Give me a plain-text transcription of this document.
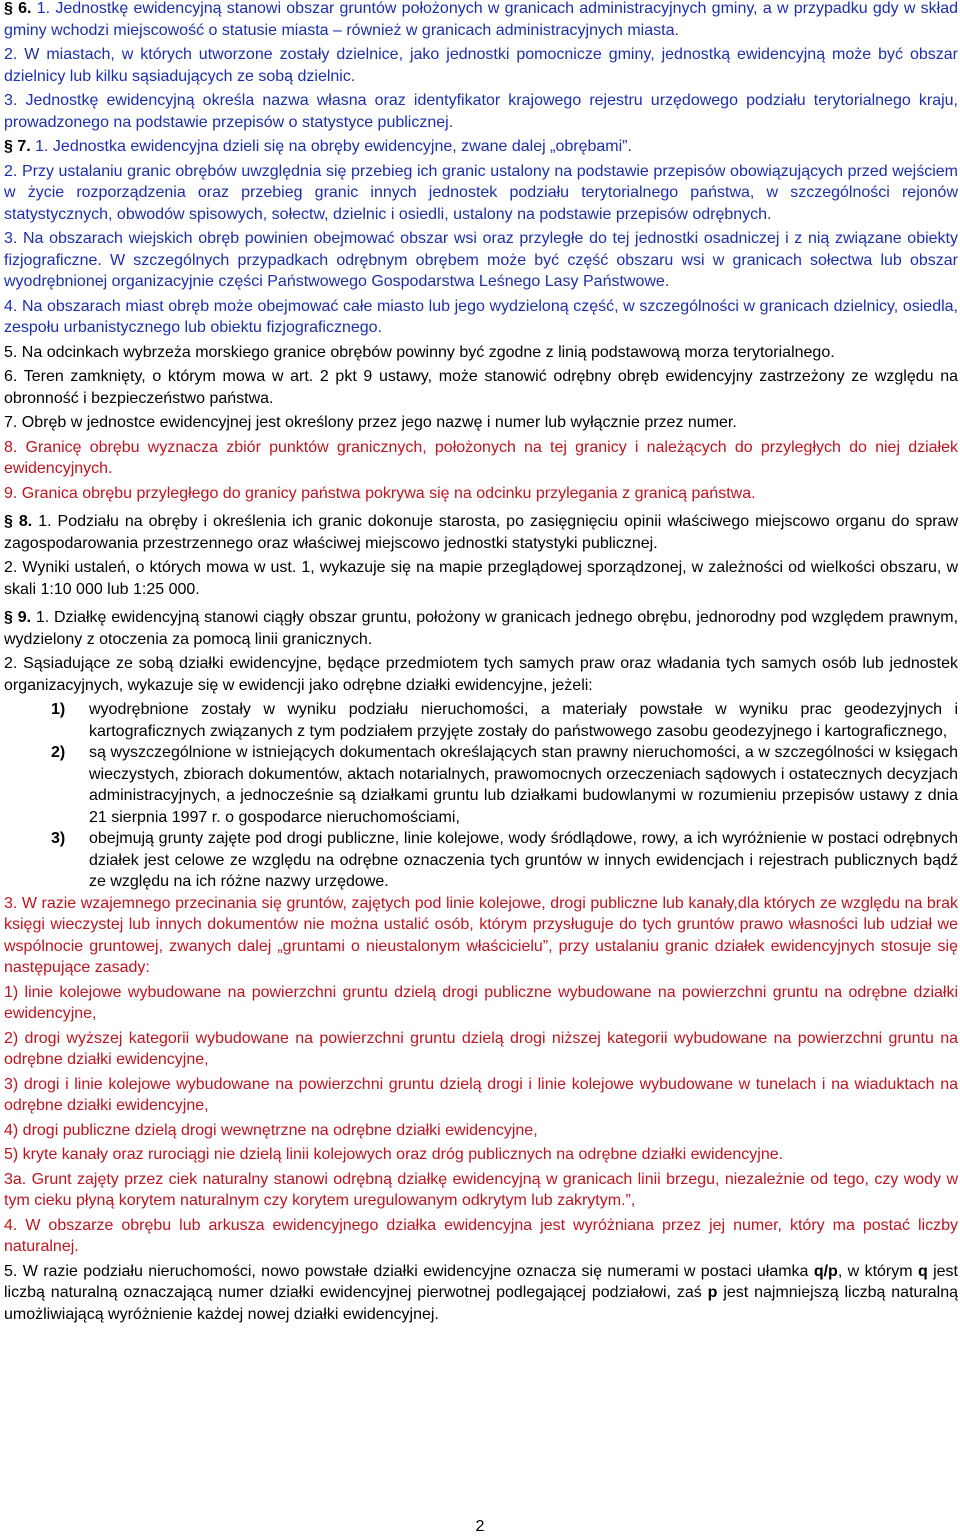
§ 6. 1. Jednostkę ewidencyjną stanowi obszar gruntów położonych w granicach administracyjnych gminy, a w przypadku gdy w skład gminy wchodzi miejscowość o statusie miasta – również w granicach administracyjnych miasta.

2. W miastach, w których utworzone zostały dzielnice, jako jednostki pomocnicze gminy, jednostką ewidencyjną może być obszar dzielnicy lub kilku sąsiadujących ze sobą dzielnic.

3. Jednostkę ewidencyjną określa nazwa własna oraz identyfikator krajowego rejestru urzędowego podziału terytorialnego kraju, prowadzonego na podstawie przepisów o statystyce publicznej.

§ 7. 1. Jednostka ewidencyjna dzieli się na obręby ewidencyjne, zwane dalej „obrębami”.

2. Przy ustalaniu granic obrębów uwzględnia się przebieg ich granic ustalony na podstawie przepisów obowiązujących przed wejściem w życie rozporządzenia oraz przebieg granic innych jednostek podziału terytorialnego państwa, w szczególności rejonów statystycznych, obwodów spisowych, sołectw, dzielnic i osiedli, ustalony na podstawie przepisów odrębnych.

3. Na obszarach wiejskich obręb powinien obejmować obszar wsi oraz przyległe do tej jednostki osadniczej i z nią związane obiekty fizjograficzne. W szczególnych przypadkach odrębnym obrębem może być część obszaru wsi w granicach sołectwa lub obszar wyodrębnionej organizacyjnie części Państwowego Gospodarstwa Leśnego Lasy Państwowe.

4. Na obszarach miast obręb może obejmować całe miasto lub jego wydzieloną część, w szczególności w granicach dzielnicy, osiedla, zespołu urbanistycznego lub obiektu fizjograficznego.

5. Na odcinkach wybrzeża morskiego granice obrębów powinny być zgodne z linią podstawową morza terytorialnego.

6. Teren zamknięty, o którym mowa w art. 2 pkt 9 ustawy, może stanowić odrębny obręb ewidencyjny zastrzeżony ze względu na obronność i bezpieczeństwo państwa.

7. Obręb w jednostce ewidencyjnej jest określony przez jego nazwę i numer lub wyłącznie przez numer.

8. Granicę obrębu wyznacza zbiór punktów granicznych, położonych na tej granicy i należących do przyległych do niej działek ewidencyjnych.

9. Granica obrębu przyległego do granicy państwa pokrywa się na odcinku przylegania z granicą państwa.

§ 8. 1. Podziału na obręby i określenia ich granic dokonuje starosta, po zasięgnięciu opinii właściwego miejscowo organu do spraw zagospodarowania przestrzennego oraz właściwej miejscowo jednostki statystyki publicznej.

2. Wyniki ustaleń, o których mowa w ust. 1, wykazuje się na mapie przeglądowej sporządzonej, w zależności od wielkości obszaru, w skali 1:10 000 lub 1:25 000.

§ 9. 1. Działkę ewidencyjną stanowi ciągły obszar gruntu, położony w granicach jednego obrębu, jednorodny pod względem prawnym, wydzielony z otoczenia za pomocą linii granicznych.

2. Sąsiadujące ze sobą działki ewidencyjne, będące przedmiotem tych samych praw oraz władania tych samych osób lub jednostek organizacyjnych, wykazuje się w ewidencji jako odrębne działki ewidencyjne, jeżeli:

1)	wyodrębnione zostały w wyniku podziału nieruchomości, a materiały powstałe w wyniku prac geodezyjnych i kartograficznych związanych z tym podziałem przyjęte zostały do państwowego zasobu geodezyjnego i kartograficznego,
2)	są wyszczególnione w istniejących dokumentach określających stan prawny nieruchomości, a w szczególności w księgach wieczystych, zbiorach dokumentów, aktach notarialnych, prawomocnych orzeczeniach sądowych i ostatecznych decyzjach administracyjnych, a jednocześnie są działkami gruntu lub działkami budowlanymi w rozumieniu przepisów ustawy z dnia 21 sierpnia 1997 r. o gospodarce nieruchomościami,
3)	obejmują grunty zajęte pod drogi publiczne, linie kolejowe, wody śródlądowe, rowy, a ich wyróżnienie w postaci odrębnych działek jest celowe ze względu na odrębne oznaczenia tych gruntów w innych ewidencjach i rejestrach publicznych bądź ze względu na ich różne nazwy urzędowe.

3. W razie wzajemnego przecinania się gruntów, zajętych pod linie kolejowe, drogi publiczne lub kanały,dla których ze względu na brak księgi wieczystej lub innych dokumentów nie można ustalić osób, którym przysługuje do tych gruntów prawo własności lub udział we wspólnocie gruntowej, zwanych dalej „gruntami o nieustalonym właścicielu”, przy ustalaniu granic działek ewidencyjnych stosuje się następujące zasady:

1) linie kolejowe wybudowane na powierzchni gruntu dzielą drogi publiczne wybudowane na powierzchni gruntu na odrębne działki ewidencyjne,

2) drogi wyższej kategorii wybudowane na powierzchni gruntu dzielą drogi niższej kategorii wybudowane na powierzchni gruntu na odrębne działki ewidencyjne,

3) drogi i linie kolejowe wybudowane na powierzchni gruntu dzielą drogi i linie kolejowe wybudowane w tunelach i na wiaduktach na odrębne działki ewidencyjne,

4) drogi publiczne dzielą drogi wewnętrzne na odrębne działki ewidencyjne,

5) kryte kanały oraz rurociągi nie dzielą linii kolejowych oraz dróg publicznych na odrębne działki ewidencyjne.

3a. Grunt zajęty przez ciek naturalny stanowi odrębną działkę ewidencyjną w granicach linii brzegu, niezależnie od tego, czy wody w tym cieku płyną korytem naturalnym czy korytem uregulowanym odkrytym lub zakrytym.”,

4. W obszarze obrębu lub arkusza ewidencyjnego działka ewidencyjna jest wyróżniana przez jej numer, który ma postać liczby naturalnej.

5. W razie podziału nieruchomości, nowo powstałe działki ewidencyjne oznacza się numerami w postaci ułamka q/p, w którym q jest liczbą naturalną oznaczającą numer działki ewidencyjnej pierwotnej podlegającej podziałowi, zaś p jest najmniejszą liczbą naturalną umożliwiającą wyróżnienie każdej nowej działki ewidencyjnej.

2
